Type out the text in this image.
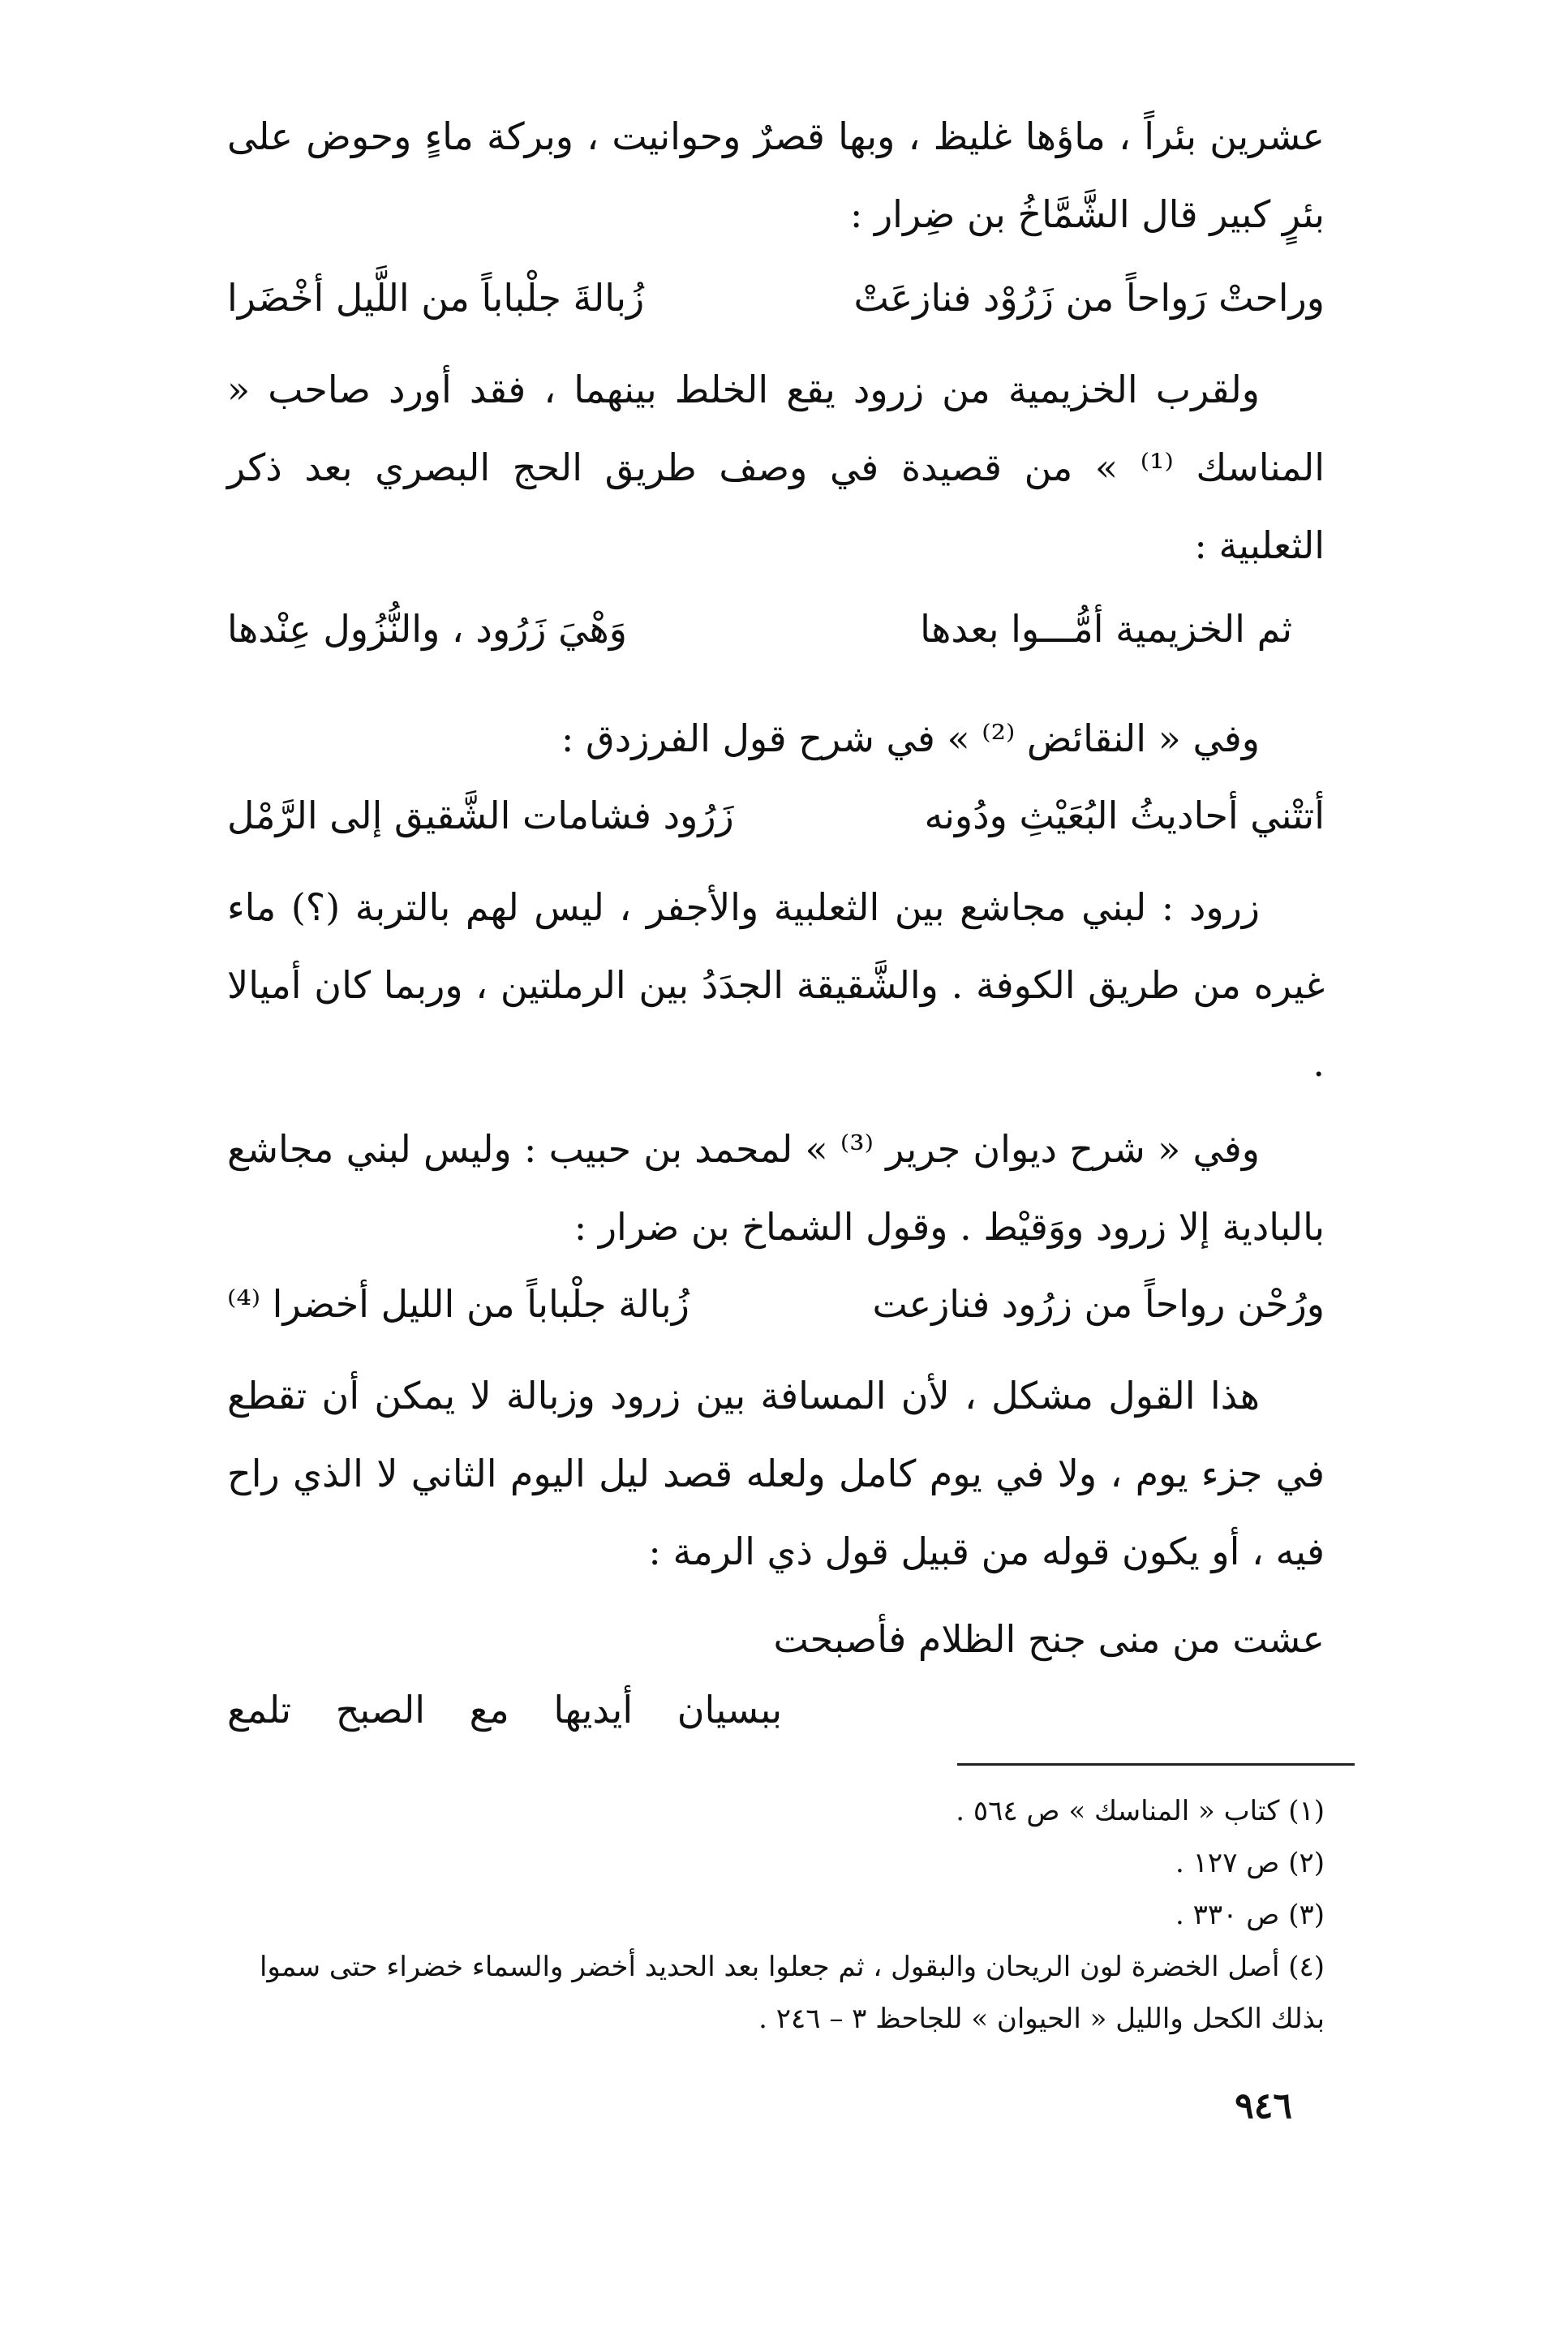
عشرين بئراً ، ماؤها غليظ ، وبها قصرٌ وحوانيت ، وبركة ماءٍ وحوض على بئرٍ كبير قال الشَّمَّاخُ بن ضِرار :

وراحتْ رَواحاً من زَرُوْد فنازعَتْ
زُبالةَ جلْباباً من اللَّيل أخْضَرا

ولقرب الخزيمية من زرود يقع الخلط بينهما ، فقد أورد صاحب « المناسك ⁽¹⁾ » من قصيدة في وصف طريق الحج البصري بعد ذكر الثعلبية :

ثم الخزيمية أمُّـــوا بعدها
وَهْيَ زَرُود ، والنُّزُول عِنْدها

وفي « النقائض ⁽²⁾ » في شرح قول الفرزدق :

أتتْني أحاديثُ البُعَيْثِ ودُونه
زَرُود فشامات الشَّقيق إلى الرَّمْل

زرود : لبني مجاشع بين الثعلبية والأجفر ، ليس لهم بالتربة (؟) ماء غيره من طريق الكوفة . والشَّقيقة الجدَدُ بين الرملتين ، وربما كان أميالا .

وفي « شرح ديوان جرير ⁽³⁾ » لمحمد بن حبيب : وليس لبني مجاشع بالبادية إلا زرود ووَقيْط . وقول الشماخ بن ضرار :

ورُحْن رواحاً من زرُود فنازعت
زُبالة جلْباباً من الليل أخضرا ⁽⁴⁾

هذا القول مشكل ، لأن المسافة بين زرود وزبالة لا يمكن أن تقطع في جزء يوم ، ولا في يوم كامل ولعله قصد ليل اليوم الثاني لا الذي راح فيه ، أو يكون قوله من قبيل قول ذي الرمة :

عشت من منى جنح الظلام فأصبحت
ببسيان أيديها مع الصبح تلمع

(١) كتاب « المناسك » ص ٥٦٤ .

(٢) ص ١٢٧ .

(٣) ص ٣٣٠ .

(٤) أصل الخضرة لون الريحان والبقول ، ثم جعلوا بعد الحديد أخضر والسماء خضراء حتى سموا بذلك الكحل والليل « الحيوان » للجاحظ ٣ – ٢٤٦ .

٩٤٦
